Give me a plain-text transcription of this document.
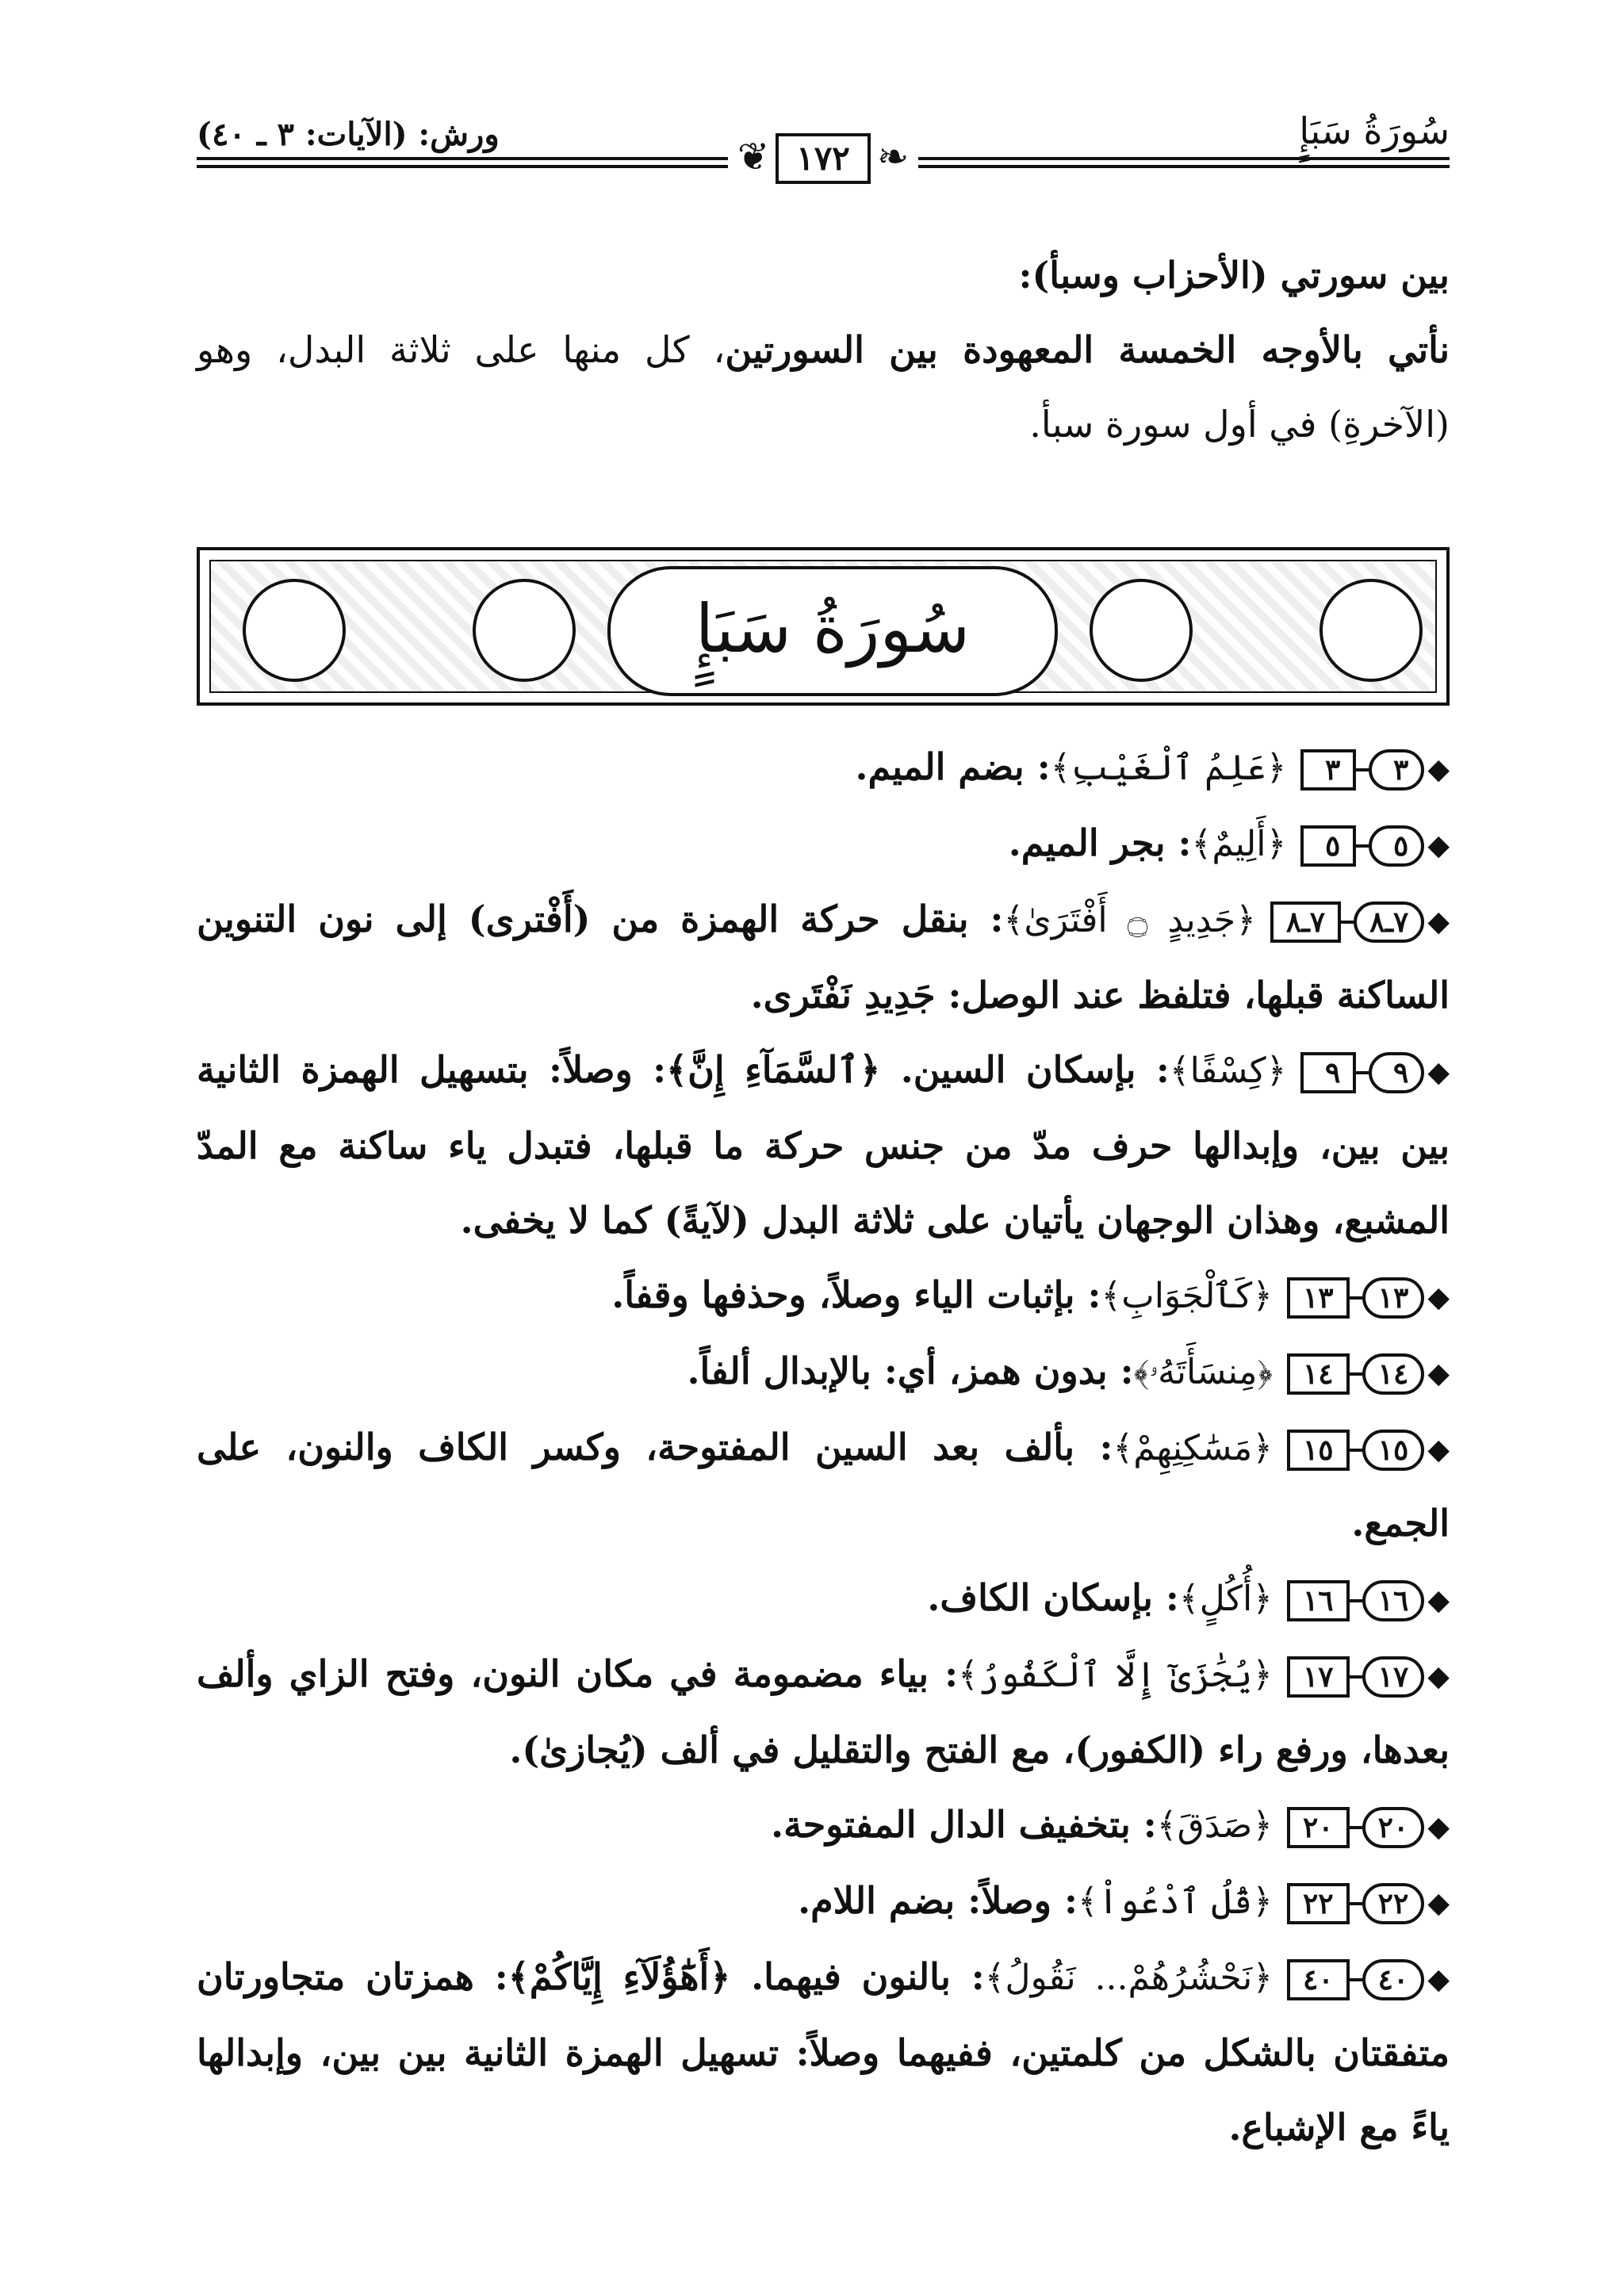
سُورَةُ سَبَإٍ
ورش: (الآيات: ٣ ـ ٤٠)
❦ ١٧٢ ❧
بين سورتي (الأحزاب وسبأ):
نأتي بالأوجه الخمسة المعهودة بين السورتين، كل منها على ثلاثة البدل، وهو (الآخرةِ) في أول سورة سبأ.
سُورَةُ سَبَإٍ
◆٣٣﴿عَلِمُ ٱلْغَيْبِ﴾: بضم الميم.
◆٥٥﴿أَلِيمٌ﴾: بجر الميم.
◆٧ـ٨٧ـ٨﴿جَدِيدٍ ۝ أَفْتَرَىٰ﴾: بنقل حركة الهمزة من (أَفْترى) إلى نون التنوين الساكنة قبلها، فتلفظ عند الوصل: جَدِيدِ نَفْتَرى.
◆٩٩﴿كِسْفًا﴾: بإسكان السين. ﴿ٱلسَّمَآءِ إِنَّ﴾: وصلاً: بتسهيل الهمزة الثانية بين بين، وإبدالها حرف مدّ من جنس حركة ما قبلها، فتبدل ياء ساكنة مع المدّ المشبع، وهذان الوجهان يأتيان على ثلاثة البدل (لآيةً) كما لا يخفى.
◆١٣١٣﴿كَٱلْجَوَابِ﴾: بإثبات الياء وصلاً، وحذفها وقفاً.
◆١٤١٤﴿مِنسَأَتَهُۥ﴾: بدون همز، أي: بالإبدال ألفاً.
◆١٥١٥﴿مَسَٰكِنِهِمْ﴾: بألف بعد السين المفتوحة، وكسر الكاف والنون، على الجمع.
◆١٦١٦﴿أُكُلٍ﴾: بإسكان الكاف.
◆١٧١٧﴿يُجَٰزَىٰٓ إِلَّا ٱلْكَفُورُ﴾: بياء مضمومة في مكان النون، وفتح الزاي وألف بعدها، ورفع راء (الكفور)، مع الفتح والتقليل في ألف (يُجازىٰ).
◆٢٠٢٠﴿صَدَقَ﴾: بتخفيف الدال المفتوحة.
◆٢٢٢٢﴿قُلُ ٱدْعُواْ﴾: وصلاً: بضم اللام.
◆٤٠٤٠﴿نَحْشُرُهُمْ... نَقُولُ﴾: بالنون فيهما. ﴿أَهَٰٓؤُلَآءِ إِيَّاكُمْ﴾: همزتان متجاورتان متفقتان بالشكل من كلمتين، ففيهما وصلاً: تسهيل الهمزة الثانية بين بين، وإبدالها ياءً مع الإشباع.
